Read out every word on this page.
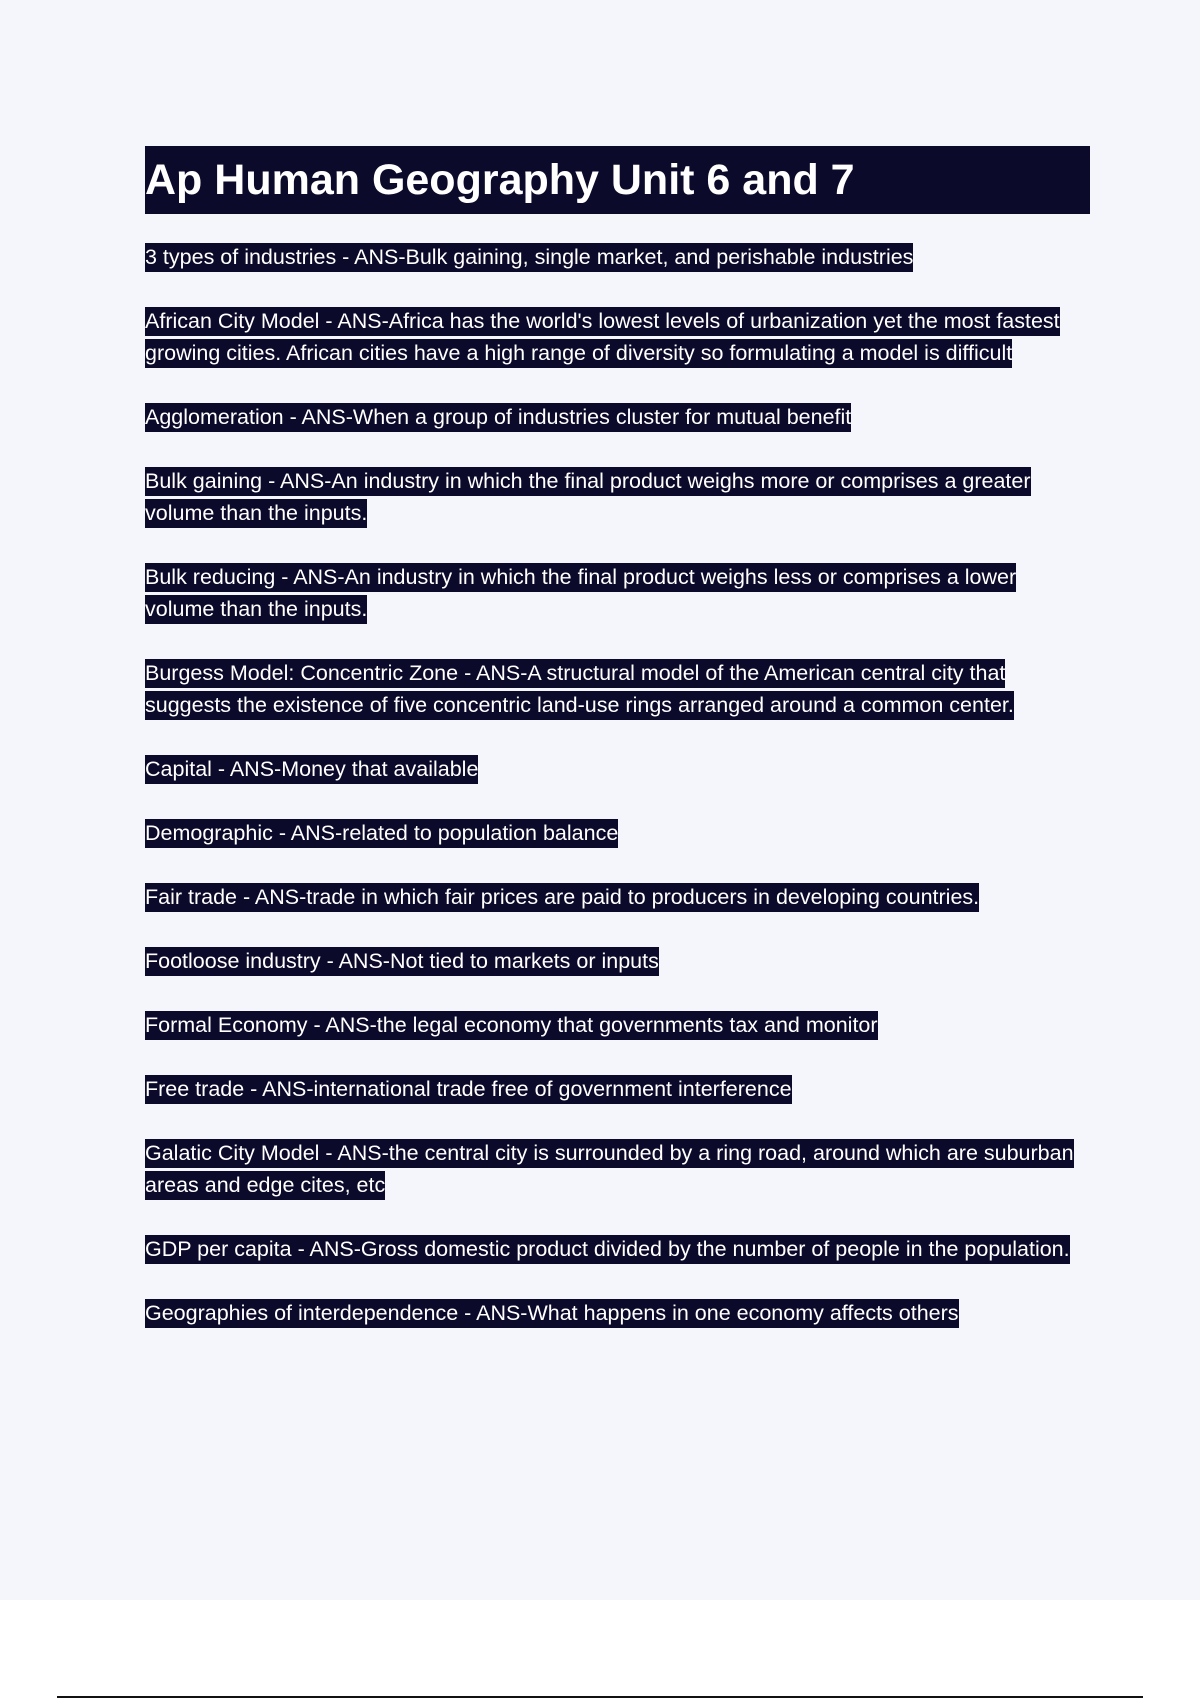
Ap Human Geography Unit 6 and 7
3 types of industries - ANS-Bulk gaining, single market, and perishable industries
African City Model - ANS-Africa has the world's lowest levels of urbanization yet the most fastest growing cities. African cities have a high range of diversity so formulating a model is difficult
Agglomeration - ANS-When a group of industries cluster for mutual benefit
Bulk gaining - ANS-An industry in which the final product weighs more or comprises a greater volume than the inputs.
Bulk reducing - ANS-An industry in which the final product weighs less or comprises a lower volume than the inputs.
Burgess Model: Concentric Zone - ANS-A structural model of the American central city that suggests the existence of five concentric land-use rings arranged around a common center.
Capital - ANS-Money that available
Demographic - ANS-related to population balance
Fair trade - ANS-trade in which fair prices are paid to producers in developing countries.
Footloose industry - ANS-Not tied to markets or inputs
Formal Economy - ANS-the legal economy that governments tax and monitor
Free trade - ANS-international trade free of government interference
Galatic City Model - ANS-the central city is surrounded by a ring road, around which are suburban areas and edge cites, etc
GDP per capita - ANS-Gross domestic product divided by the number of people in the population.
Geographies of interdependence - ANS-What happens in one economy affects others
